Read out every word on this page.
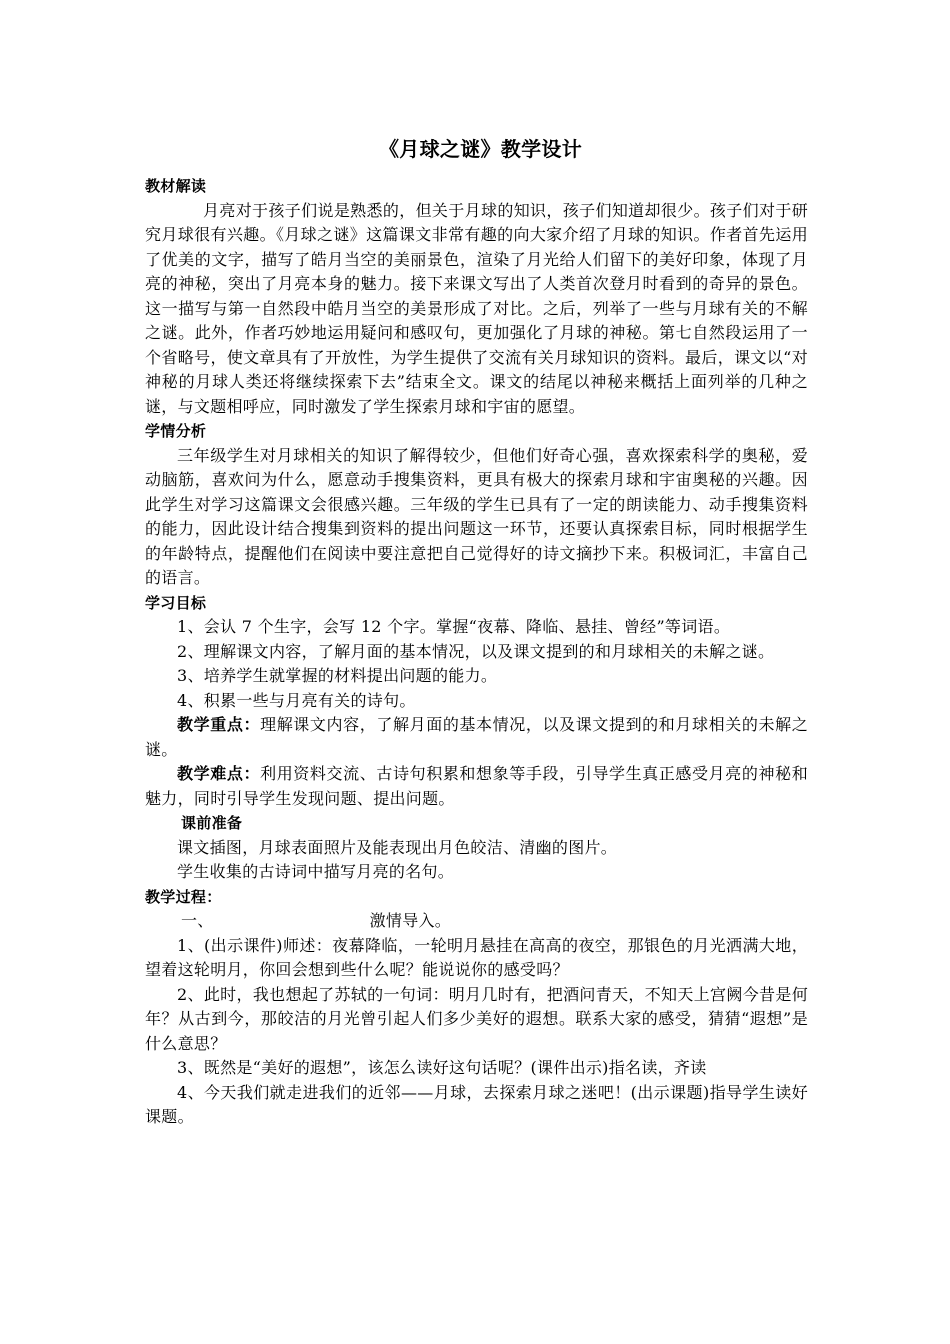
《月球之谜》教学设计
教材解读

月亮对于孩子们说是熟悉的，但关于月球的知识，孩子们知道却很少。孩子们对于研究月球很有兴趣。《月球之谜》这篇课文非常有趣的向大家介绍了月球的知识。作者首先运用了优美的文字，描写了皓月当空的美丽景色，渲染了月光给人们留下的美好印象，体现了月亮的神秘，突出了月亮本身的魅力。接下来课文写出了人类首次登月时看到的奇异的景色。这一描写与第一自然段中皓月当空的美景形成了对比。之后，列举了一些与月球有关的不解之谜。此外，作者巧妙地运用疑问和感叹句，更加强化了月球的神秘。第七自然段运用了一个省略号，使文章具有了开放性，为学生提供了交流有关月球知识的资料。最后，课文以“对神秘的月球人类还将继续探索下去”结束全文。课文的结尾以神秘来概括上面列举的几种之谜，与文题相呼应，同时激发了学生探索月球和宇宙的愿望。

学情分析

三年级学生对月球相关的知识了解得较少，但他们好奇心强，喜欢探索科学的奥秘，爱动脑筋，喜欢问为什么，愿意动手搜集资料，更具有极大的探索月球和宇宙奥秘的兴趣。因此学生对学习这篇课文会很感兴趣。三年级的学生已具有了一定的朗读能力、动手搜集资料的能力，因此设计结合搜集到资料的提出问题这一环节，还要认真探索目标，同时根据学生的年龄特点，提醒他们在阅读中要注意把自己觉得好的诗文摘抄下来。积极词汇，丰富自己的语言。

学习目标

1、会认 7 个生字，会写 12 个字。掌握“夜幕、降临、悬挂、曾经”等词语。

2、理解课文内容，了解月面的基本情况，以及课文提到的和月球相关的未解之谜。

3、培养学生就掌握的材料提出问题的能力。

4、积累一些与月亮有关的诗句。

教学重点：理解课文内容，了解月面的基本情况，以及课文提到的和月球相关的未解之谜。

教学难点：利用资料交流、古诗句积累和想象等手段，引导学生真正感受月亮的神秘和魅力，同时引导学生发现问题、提出问题。

课前准备

课文插图，月球表面照片及能表现出月色皎洁、清幽的图片。

学生收集的古诗词中描写月亮的名句。

教学过程：

一、	激情导入。

1、(出示课件)师述：夜幕降临，一轮明月悬挂在高高的夜空，那银色的月光洒满大地，望着这轮明月，你回会想到些什么呢？能说说你的感受吗？

2、此时，我也想起了苏轼的一句词：明月几时有，把酒问青天，不知天上宫阙今昔是何年？从古到今，那皎洁的月光曾引起人们多少美好的遐想。联系大家的感受，猜猜“遐想”是什么意思？

3、既然是“美好的遐想”，该怎么读好这句话呢？(课件出示)指名读，齐读

4、今天我们就走进我们的近邻——月球，去探索月球之迷吧！(出示课题)指导学生读好课题。
